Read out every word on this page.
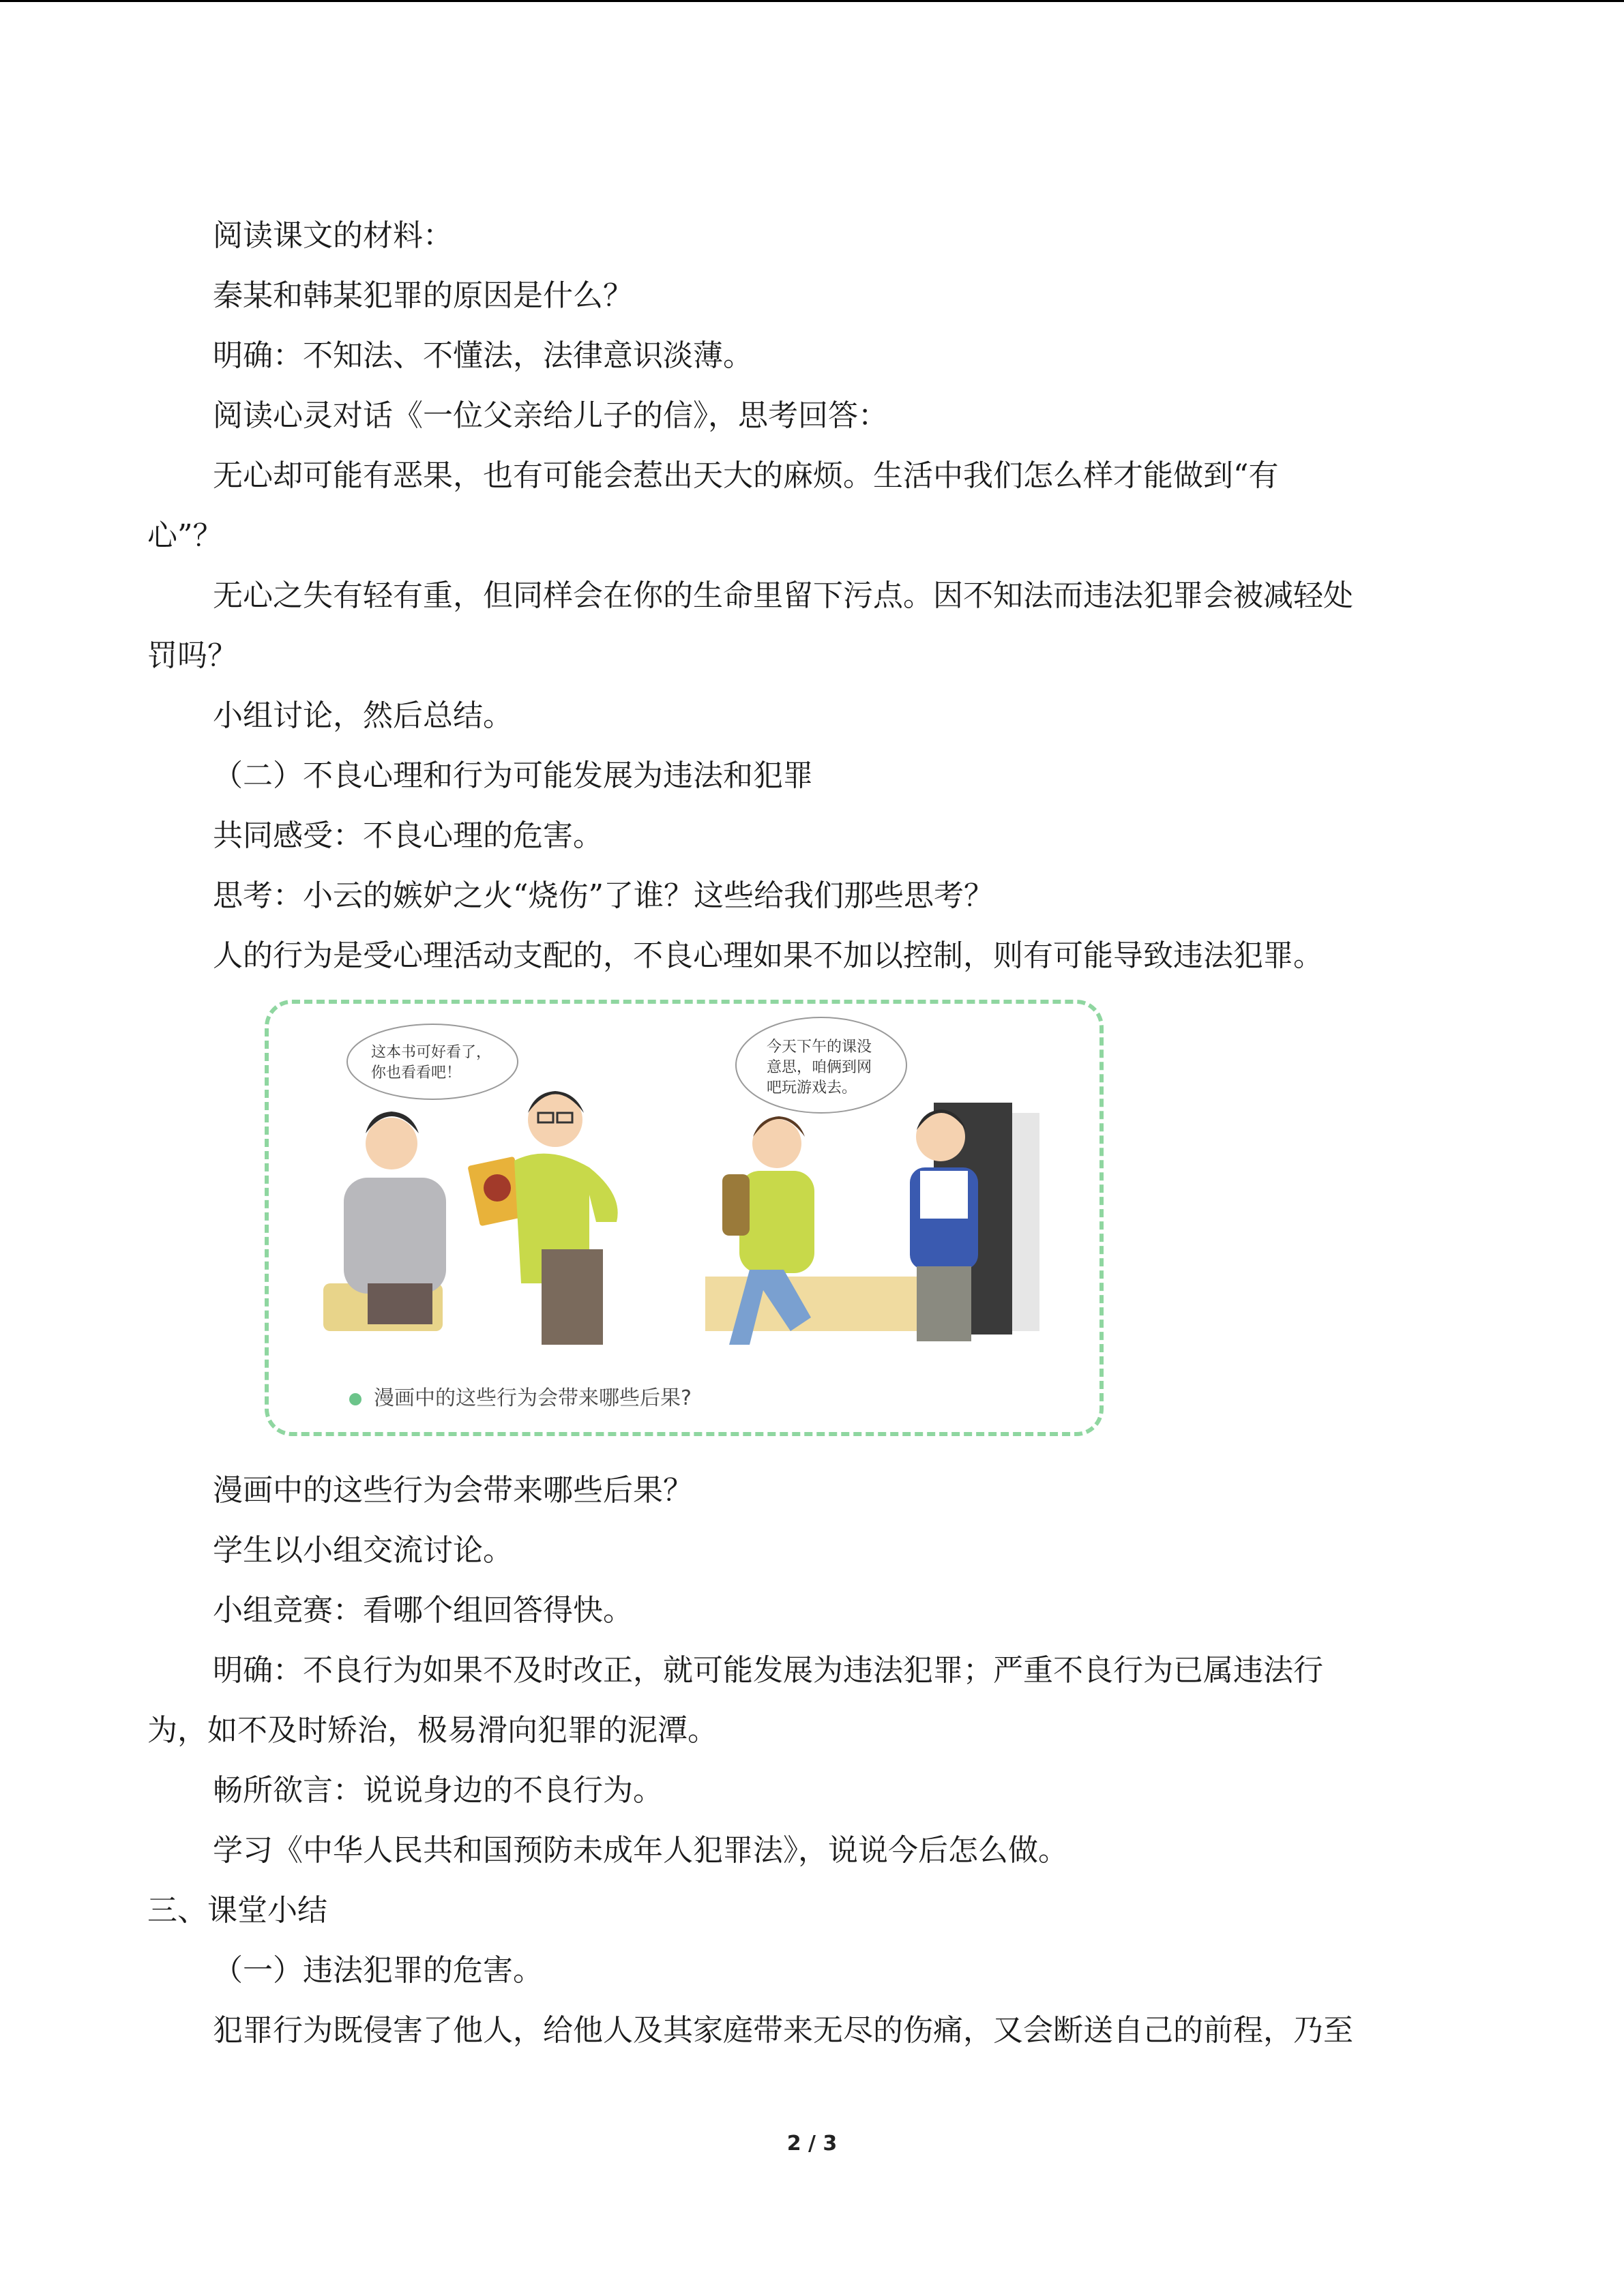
阅读课文的材料：
秦某和韩某犯罪的原因是什么？
明确：不知法、不懂法，法律意识淡薄。
阅读心灵对话《一位父亲给儿子的信》，思考回答：
无心却可能有恶果，也有可能会惹出天大的麻烦。生活中我们怎么样才能做到“有
心”？
无心之失有轻有重，但同样会在你的生命里留下污点。因不知法而违法犯罪会被减轻处
罚吗？
小组讨论，然后总结。
（二）不良心理和行为可能发展为违法和犯罪
共同感受：不良心理的危害。
思考：小云的嫉妒之火“烧伤”了谁？这些给我们那些思考？
人的行为是受心理活动支配的，不良心理如果不加以控制，则有可能导致违法犯罪。
这本书可好看了，
你也看看吧！
今天下午的课没
意思，咱俩到网
吧玩游戏去。
漫画中的这些行为会带来哪些后果?
漫画中的这些行为会带来哪些后果？
学生以小组交流讨论。
小组竞赛：看哪个组回答得快。
明确：不良行为如果不及时改正，就可能发展为违法犯罪；严重不良行为已属违法行
为，如不及时矫治，极易滑向犯罪的泥潭。
畅所欲言：说说身边的不良行为。
学习《中华人民共和国预防未成年人犯罪法》，说说今后怎么做。
三、课堂小结
（一）违法犯罪的危害。
犯罪行为既侵害了他人，给他人及其家庭带来无尽的伤痛，又会断送自己的前程，乃至
2 / 3
